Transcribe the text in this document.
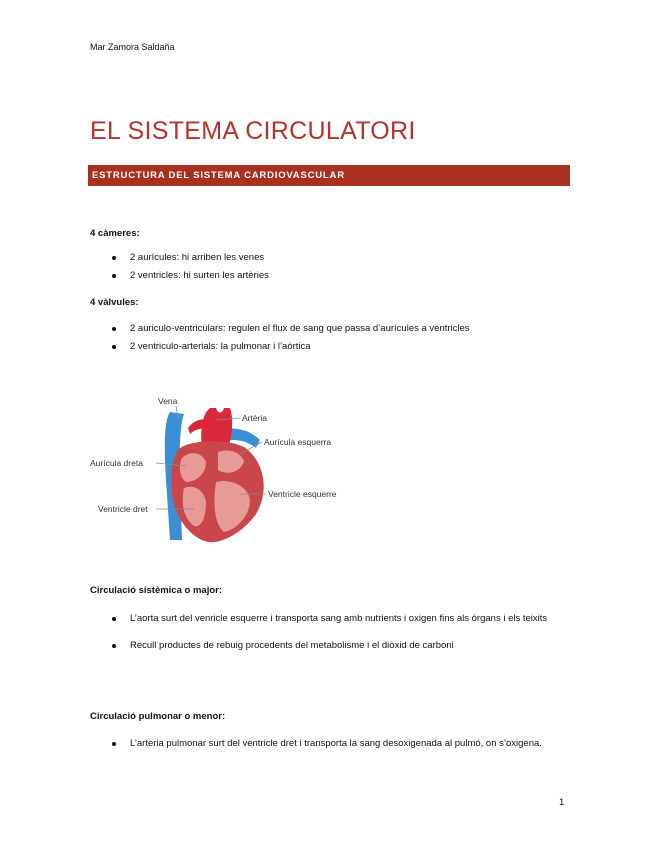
Mar Zamora Saldaña
EL SISTEMA CIRCULATORI
ESTRUCTURA DEL SISTEMA CARDIOVASCULAR
4 càmeres:
2 aurícules: hi arriben les venes
2 ventricles: hi surten les artèries
4 vàlvules:
2 auriculo-ventriculars: regulen el flux de sang que passa d’aurícules a ventricles
2 ventriculo-arterials: la pulmonar i l’aòrtica
Vena
Artèria
Aurícula esquerra
Aurícula dreta
Ventricle esquerre
Ventricle dret
Circulació sistèmica o major:
L’aorta surt del venricle esquerre i transporta sang amb nutrients i oxigen fins als òrgans i els teixits
Recull productes de rebuig procedents del metabolisme i el diòxid de carboni
Circulació pulmonar o menor:
L’arteria pulmonar surt del ventricle dret i transporta la sang desoxigenada al pulmó, on s’oxigena.
1
